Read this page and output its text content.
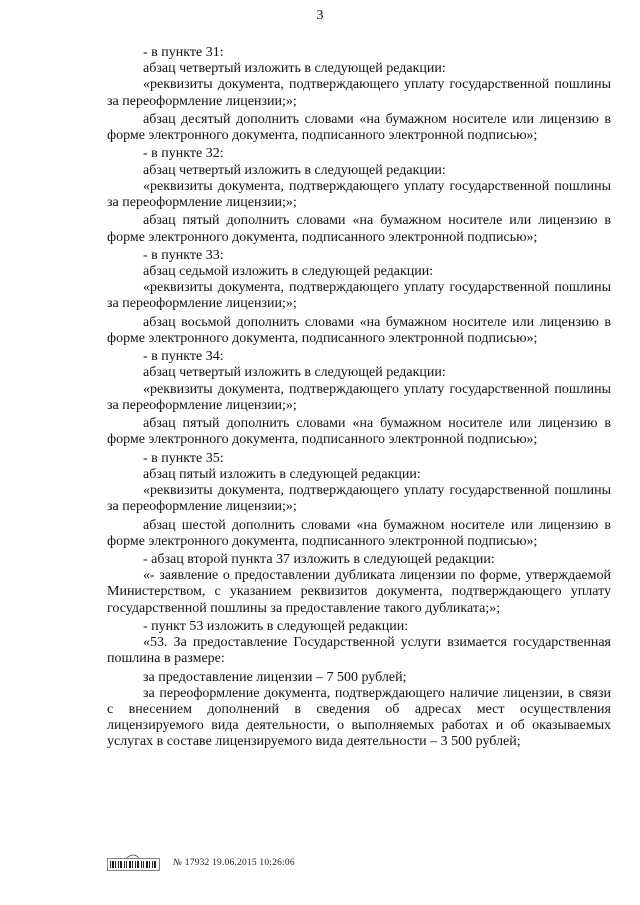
3

- в пункте 31:

абзац четвертый изложить в следующей редакции:

«реквизиты документа, подтверждающего уплату государственной пошлины за переоформление лицензии;»;

абзац десятый дополнить словами «на бумажном носителе или лицензию в форме электронного документа, подписанного электронной подписью»;

- в пункте 32:

абзац четвертый изложить в следующей редакции:

«реквизиты документа, подтверждающего уплату государственной пошлины за переоформление лицензии;»;

абзац пятый дополнить словами «на бумажном носителе или лицензию в форме электронного документа, подписанного электронной подписью»;

- в пункте 33:

абзац седьмой изложить в следующей редакции:

«реквизиты документа, подтверждающего уплату государственной пошлины за переоформление лицензии;»;

абзац восьмой дополнить словами «на бумажном носителе или лицензию в форме электронного документа, подписанного электронной подписью»;

- в пункте 34:

абзац четвертый изложить в следующей редакции:

«реквизиты документа, подтверждающего уплату государственной пошлины за переоформление лицензии;»;

абзац пятый дополнить словами «на бумажном носителе или лицензию в форме электронного документа, подписанного электронной подписью»;

- в пункте 35:

абзац пятый изложить в следующей редакции:

«реквизиты документа, подтверждающего уплату государственной пошлины за переоформление лицензии;»;

абзац шестой дополнить словами «на бумажном носителе или лицензию в форме электронного документа, подписанного электронной подписью»;

- абзац второй пункта 37 изложить в следующей редакции:

«- заявление о предоставлении дубликата лицензии по форме, утверждаемой Министерством, с указанием реквизитов документа, подтверждающего уплату государственной пошлины за предоставление такого дубликата;»;

- пункт 53 изложить в следующей редакции:

«53. За предоставление Государственной услуги взимается государственная пошлина в размере:

за предоставление лицензии – 7 500 рублей;

за переоформление документа, подтверждающего наличие лицензии, в связи с внесением дополнений в сведения об адресах мест осуществления лицензируемого вида деятельности, о выполняемых работах и об оказываемых услугах в составе лицензируемого вида деятельности – 3 500 рублей;

№ 17932 19.06.2015 10:26:06
